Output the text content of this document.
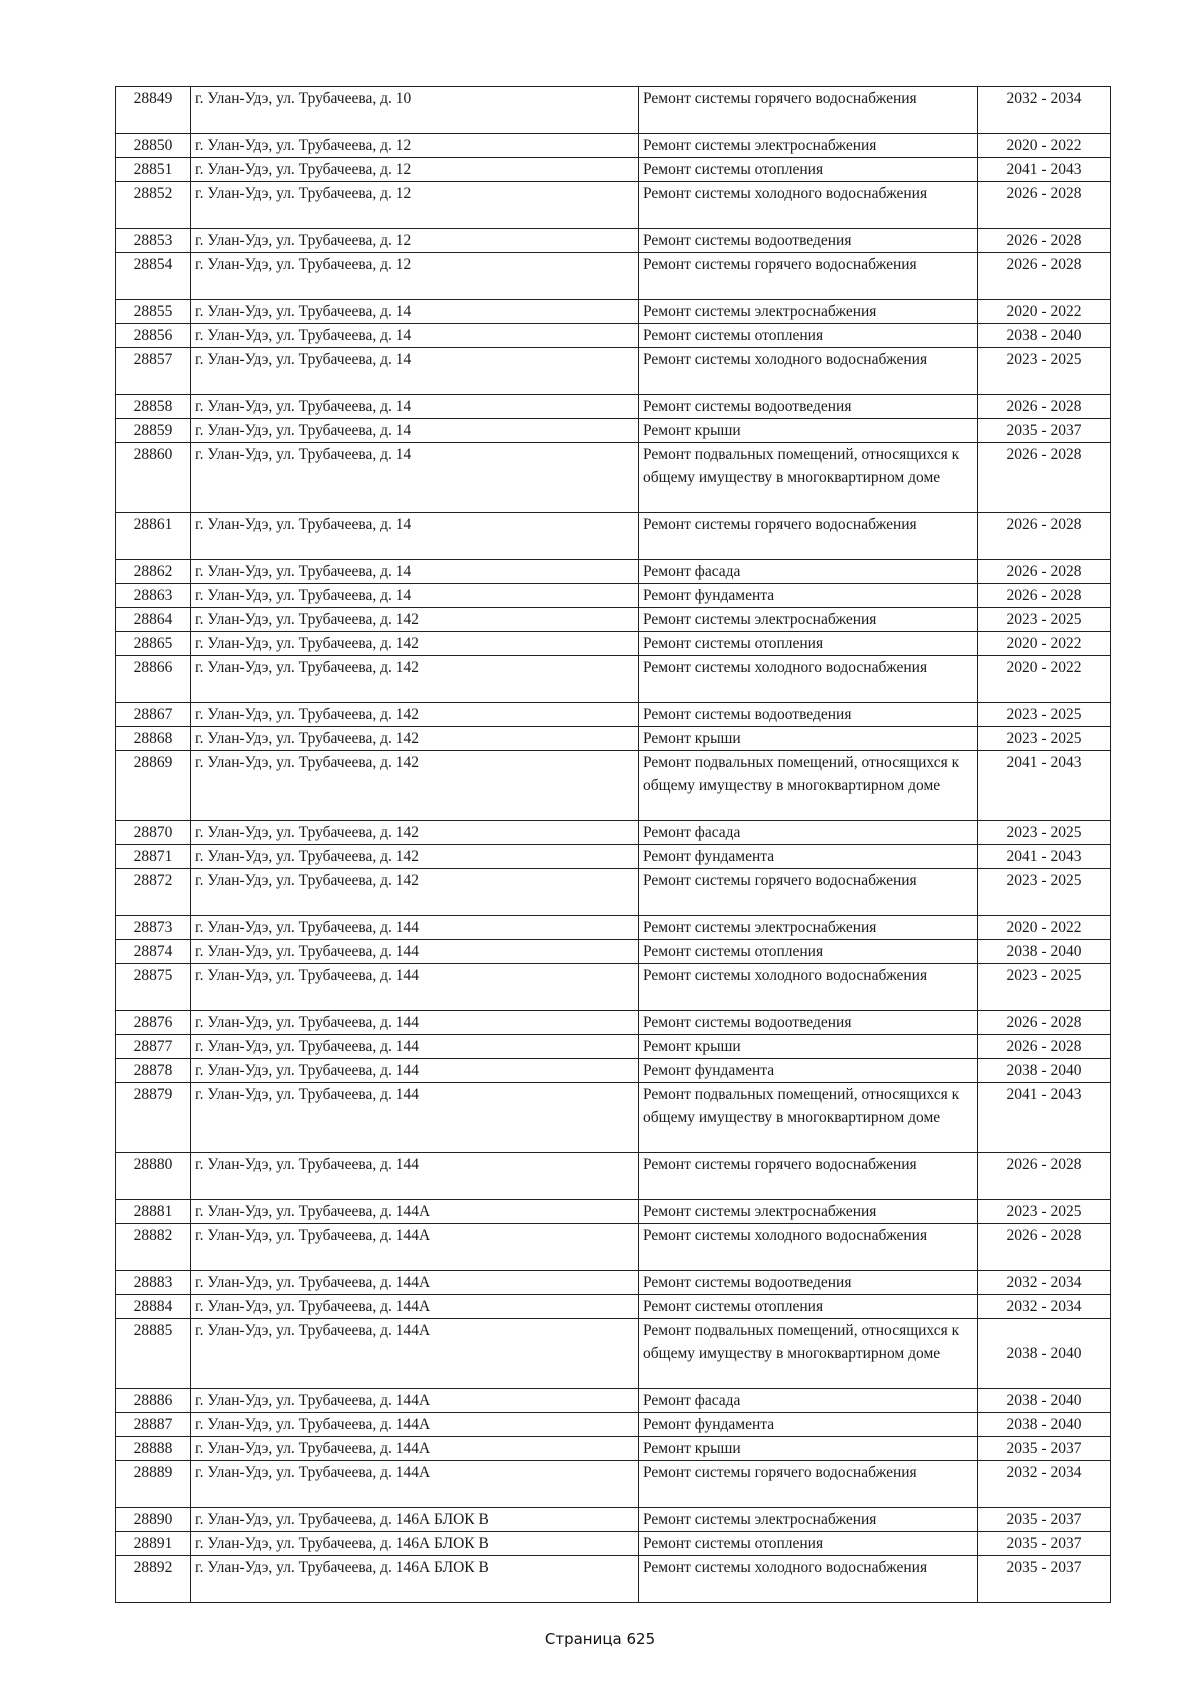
28849	г. Улан-Удэ, ул. Трубачеева, д. 10	Ремонт системы горячего водоснабжения	2032 - 2034
28850	г. Улан-Удэ, ул. Трубачеева, д. 12	Ремонт системы электроснабжения	2020 - 2022
28851	г. Улан-Удэ, ул. Трубачеева, д. 12	Ремонт системы отопления	2041 - 2043
28852	г. Улан-Удэ, ул. Трубачеева, д. 12	Ремонт системы холодного водоснабжения	2026 - 2028
28853	г. Улан-Удэ, ул. Трубачеева, д. 12	Ремонт системы водоотведения	2026 - 2028
28854	г. Улан-Удэ, ул. Трубачеева, д. 12	Ремонт системы горячего водоснабжения	2026 - 2028
28855	г. Улан-Удэ, ул. Трубачеева, д. 14	Ремонт системы электроснабжения	2020 - 2022
28856	г. Улан-Удэ, ул. Трубачеева, д. 14	Ремонт системы отопления	2038 - 2040
28857	г. Улан-Удэ, ул. Трубачеева, д. 14	Ремонт системы холодного водоснабжения	2023 - 2025
28858	г. Улан-Удэ, ул. Трубачеева, д. 14	Ремонт системы водоотведения	2026 - 2028
28859	г. Улан-Удэ, ул. Трубачеева, д. 14	Ремонт крыши	2035 - 2037
28860	г. Улан-Удэ, ул. Трубачеева, д. 14	Ремонт подвальных помещений, относящихся к общему имуществу в многоквартирном доме	2026 - 2028
28861	г. Улан-Удэ, ул. Трубачеева, д. 14	Ремонт системы горячего водоснабжения	2026 - 2028
28862	г. Улан-Удэ, ул. Трубачеева, д. 14	Ремонт фасада	2026 - 2028
28863	г. Улан-Удэ, ул. Трубачеева, д. 14	Ремонт фундамента	2026 - 2028
28864	г. Улан-Удэ, ул. Трубачеева, д. 142	Ремонт системы электроснабжения	2023 - 2025
28865	г. Улан-Удэ, ул. Трубачеева, д. 142	Ремонт системы отопления	2020 - 2022
28866	г. Улан-Удэ, ул. Трубачеева, д. 142	Ремонт системы холодного водоснабжения	2020 - 2022
28867	г. Улан-Удэ, ул. Трубачеева, д. 142	Ремонт системы водоотведения	2023 - 2025
28868	г. Улан-Удэ, ул. Трубачеева, д. 142	Ремонт крыши	2023 - 2025
28869	г. Улан-Удэ, ул. Трубачеева, д. 142	Ремонт подвальных помещений, относящихся к общему имуществу в многоквартирном доме	2041 - 2043
28870	г. Улан-Удэ, ул. Трубачеева, д. 142	Ремонт фасада	2023 - 2025
28871	г. Улан-Удэ, ул. Трубачеева, д. 142	Ремонт фундамента	2041 - 2043
28872	г. Улан-Удэ, ул. Трубачеева, д. 142	Ремонт системы горячего водоснабжения	2023 - 2025
28873	г. Улан-Удэ, ул. Трубачеева, д. 144	Ремонт системы электроснабжения	2020 - 2022
28874	г. Улан-Удэ, ул. Трубачеева, д. 144	Ремонт системы отопления	2038 - 2040
28875	г. Улан-Удэ, ул. Трубачеева, д. 144	Ремонт системы холодного водоснабжения	2023 - 2025
28876	г. Улан-Удэ, ул. Трубачеева, д. 144	Ремонт системы водоотведения	2026 - 2028
28877	г. Улан-Удэ, ул. Трубачеева, д. 144	Ремонт крыши	2026 - 2028
28878	г. Улан-Удэ, ул. Трубачеева, д. 144	Ремонт фундамента	2038 - 2040
28879	г. Улан-Удэ, ул. Трубачеева, д. 144	Ремонт подвальных помещений, относящихся к общему имуществу в многоквартирном доме	2041 - 2043
28880	г. Улан-Удэ, ул. Трубачеева, д. 144	Ремонт системы горячего водоснабжения	2026 - 2028
28881	г. Улан-Удэ, ул. Трубачеева, д. 144А	Ремонт системы электроснабжения	2023 - 2025
28882	г. Улан-Удэ, ул. Трубачеева, д. 144А	Ремонт системы холодного водоснабжения	2026 - 2028
28883	г. Улан-Удэ, ул. Трубачеева, д. 144А	Ремонт системы водоотведения	2032 - 2034
28884	г. Улан-Удэ, ул. Трубачеева, д. 144А	Ремонт системы отопления	2032 - 2034
28885	г. Улан-Удэ, ул. Трубачеева, д. 144А	Ремонт подвальных помещений, относящихся к общему имуществу в многоквартирном доме	2038 - 2040
28886	г. Улан-Удэ, ул. Трубачеева, д. 144А	Ремонт фасада	2038 - 2040
28887	г. Улан-Удэ, ул. Трубачеева, д. 144А	Ремонт фундамента	2038 - 2040
28888	г. Улан-Удэ, ул. Трубачеева, д. 144А	Ремонт крыши	2035 - 2037
28889	г. Улан-Удэ, ул. Трубачеева, д. 144А	Ремонт системы горячего водоснабжения	2032 - 2034
28890	г. Улан-Удэ, ул. Трубачеева, д. 146А БЛОК В	Ремонт системы электроснабжения	2035 - 2037
28891	г. Улан-Удэ, ул. Трубачеева, д. 146А БЛОК В	Ремонт системы отопления	2035 - 2037
28892	г. Улан-Удэ, ул. Трубачеева, д. 146А БЛОК В	Ремонт системы холодного водоснабжения	2035 - 2037
Страница 625
